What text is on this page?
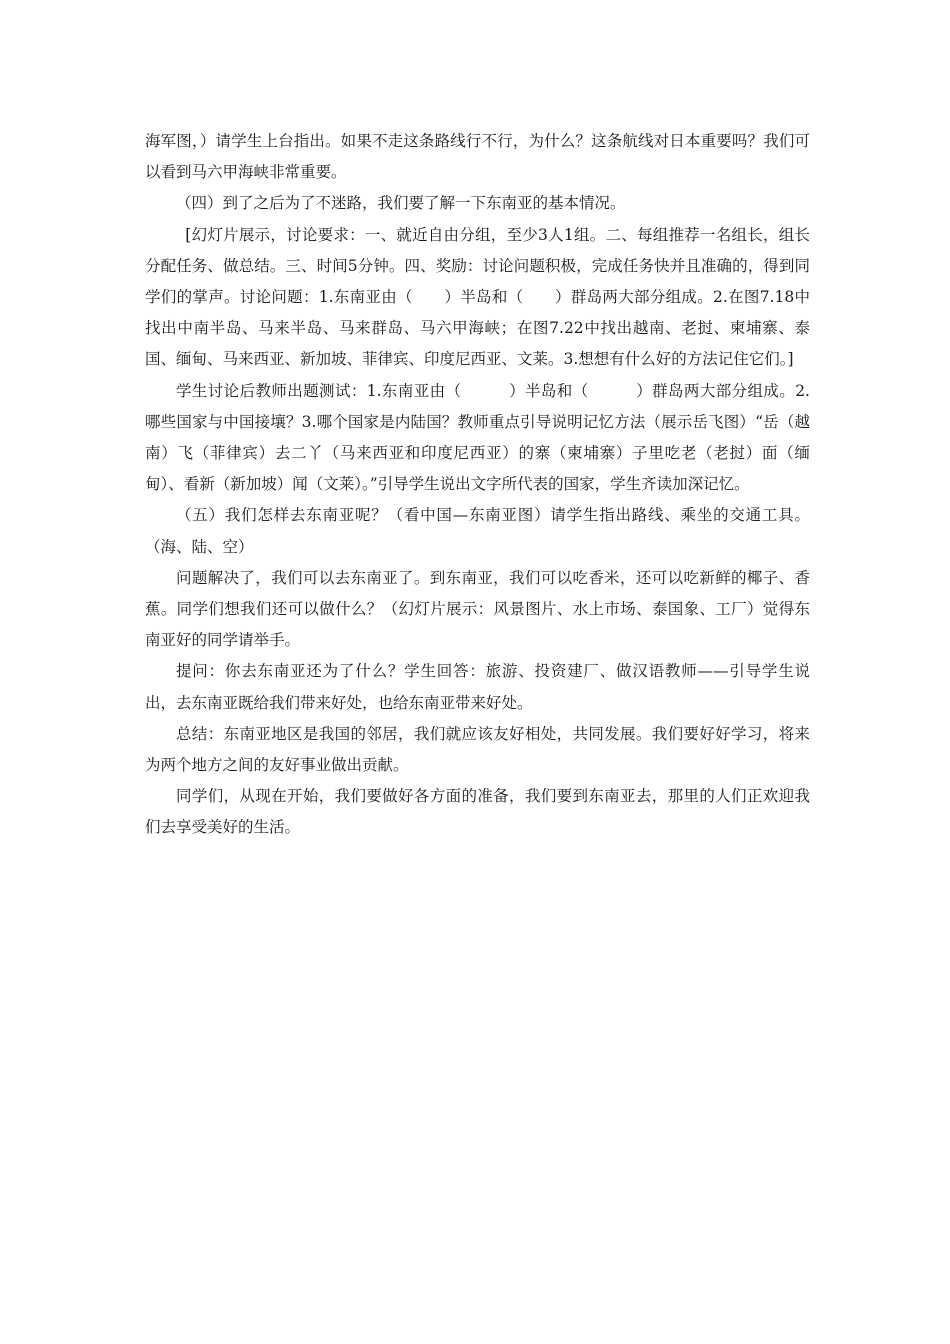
海军图，）请学生上台指出。如果不走这条路线行不行，为什么？这条航线对日本重要吗？我们可以看到马六甲海峡非常重要。

（四）到了之后为了不迷路，我们要了解一下东南亚的基本情况。

[幻灯片展示，讨论要求：一、就近自由分组，至少3人1组。二、每组推荐一名组长，组长分配任务、做总结。三、时间5分钟。四、奖励：讨论问题积极，完成任务快并且准确的，得到同学们的掌声。讨论问题：1.东南亚由（　　）半岛和（　　）群岛两大部分组成。2.在图7.18中找出中南半岛、马来半岛、马来群岛、马六甲海峡；在图7.22中找出越南、老挝、柬埔寨、泰国、缅甸、马来西亚、新加坡、菲律宾、印度尼西亚、文莱。3.想想有什么好的方法记住它们。]

学生讨论后教师出题测试：1.东南亚由（　　　）半岛和（　　　）群岛两大部分组成。2.哪些国家与中国接壤？3.哪个国家是内陆国？教师重点引导说明记忆方法（展示岳飞图）“岳（越南）飞（菲律宾）去二丫（马来西亚和印度尼西亚）的寨（柬埔寨）子里吃老（老挝）面（缅甸）、看新（新加坡）闻（文莱）。”引导学生说出文字所代表的国家，学生齐读加深记忆。

（五）我们怎样去东南亚呢？（看中国—东南亚图）请学生指出路线、乘坐的交通工具。（海、陆、空）

问题解决了，我们可以去东南亚了。到东南亚，我们可以吃香米，还可以吃新鲜的椰子、香蕉。同学们想我们还可以做什么？（幻灯片展示：风景图片、水上市场、泰国象、工厂）觉得东南亚好的同学请举手。

提问：你去东南亚还为了什么？学生回答：旅游、投资建厂、做汉语教师——引导学生说出，去东南亚既给我们带来好处，也给东南亚带来好处。

总结：东南亚地区是我国的邻居，我们就应该友好相处，共同发展。我们要好好学习，将来为两个地方之间的友好事业做出贡献。

同学们，从现在开始，我们要做好各方面的准备，我们要到东南亚去，那里的人们正欢迎我们去享受美好的生活。
